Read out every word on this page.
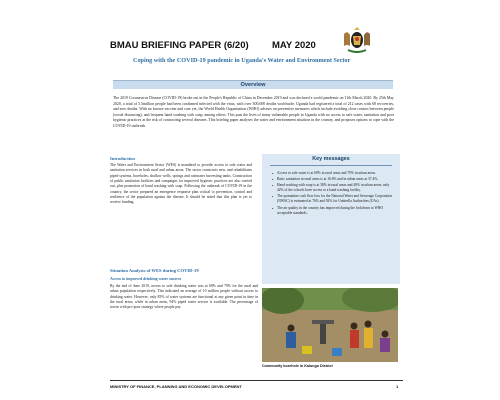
BMAU BRIEFING PAPER (6/20) MAY 2020
Coping with the COVID-19 pandemic in Uganda's Water and Environment Sector
Overview

The 2019 Coronavirus Disease (COVID-19) broke out in the People's Republic of China in December 2019 and was declared a world pandemic on 11th March 2020. By 25th May 2020, a total of 5.5million people had been confirmed infected with the virus, with over 300,000 deaths worldwide. Uganda had registered a total of 212 cases with 68 recoveries, and zero deaths. With no known vaccine and cure yet, the World Health Organisation (WHO) advises on preventive measures which include avoiding close contact between people (social distancing), and frequent hand washing with soap, among others. This puts the lives of many vulnerable people in Uganda with no access to safe water, sanitation and poor hygienic practices at the risk of contracting several diseases. This briefing paper analyses the water and environment situation in the country, and proposes options to cope with the COVID-19 outbreak.

Introduction

The Water and Environment Sector (WES) is mandated to provide access to safe water and sanitation services in both rural and urban areas. The sector constructs new, and rehabilitates piped systems, boreholes, shallow wells, springs and rainwater harvesting tanks. Construction of public sanitation facilities and campaigns for improved hygienic practices are also carried out, plus promotion of hand washing with soap. Following the outbreak of COVID-19 in the country, the sector prepared an emergence response plan critical to prevention, control and resilience of the population against the disease. It should be noted that this plan is yet to receive funding.

Key messages
• Access to safe water is at 69% in rural areas and 79% in urban areas.
• Basic sanitation in rural areas is at 16.6% and in urban areas at 37.4%.
• Hand washing with soap is at 38% in rural areas and 40% in urban areas; only 42% of the schools have access to a hand washing facility.
• The quarantine cash flow loss for the National Water and Sewerage Corporation (NWSC) is estimated at 76% and 92% for Umbrella Authorities (UAs).
• The air quality in the country has improved during the lockdown to WHO acceptable standards.
Situation Analysis of WES during COVID-19
Access to improved drinking water sources

By the end of June 2019, access to safe drinking water was at 69% and 79% for the rural and urban population respectively. This indicated an average of 10 million people without access to drinking water. However, only 85% of water systems are functional at any given point in time in the rural areas, while in urban areas, 94% piped water service is available. The percentage of towns with pro-poor strategy where people pay

Community borehole in Kalungu District
MINISTRY OF FINANCE, PLANNING AND ECONOMIC DEVELOPMENT	1
